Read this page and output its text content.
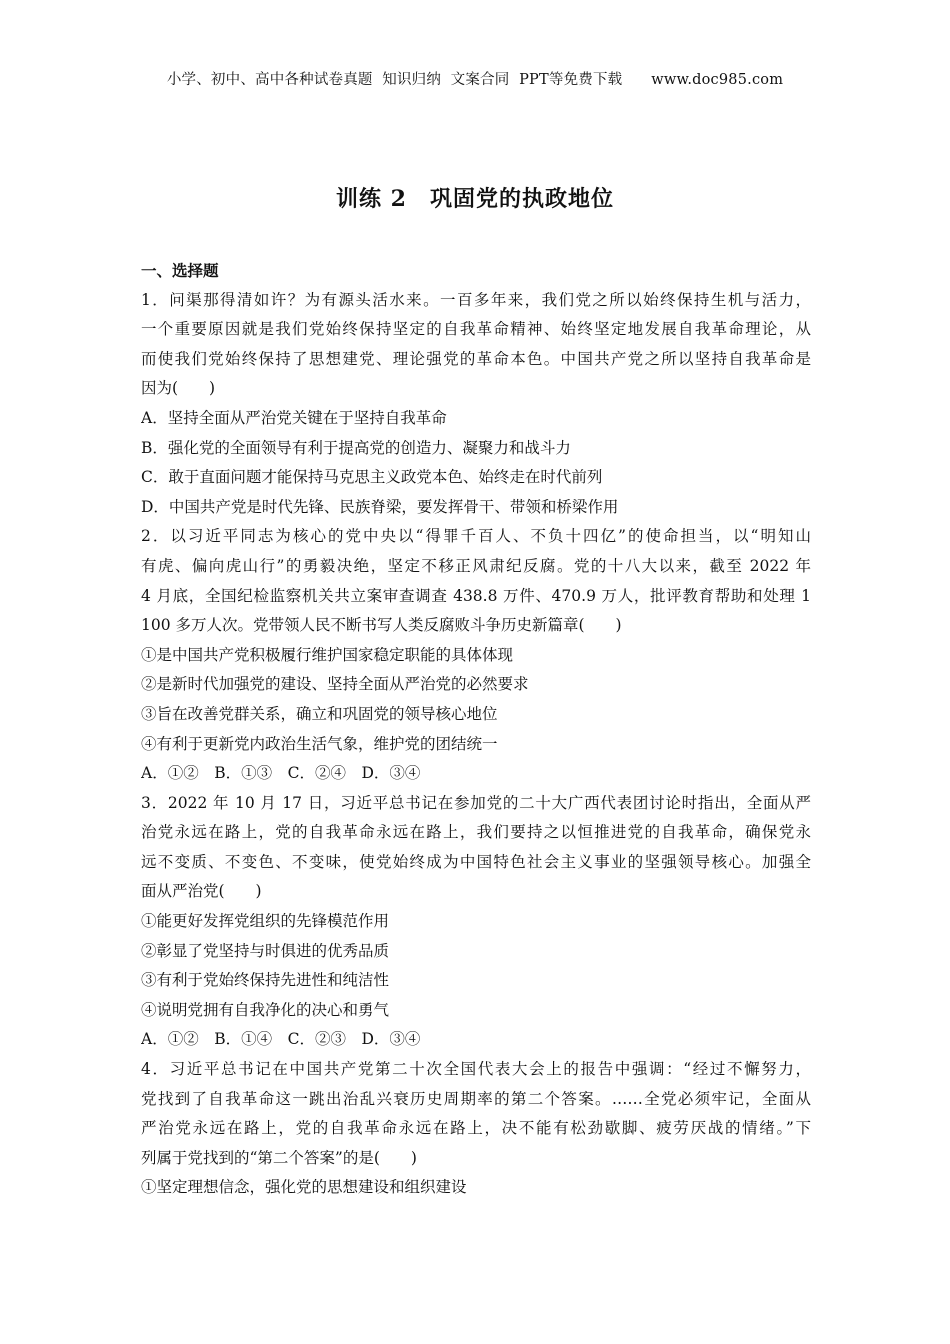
小学、初中、高中各种试卷真题  知识归纳  文案合同  PPT等免费下载      www.doc985.com
训练 2　巩固党的执政地位
一、选择题
1．问渠那得清如许？为有源头活水来。一百多年来，我们党之所以始终保持生机与活力，
一个重要原因就是我们党始终保持坚定的自我革命精神、始终坚定地发展自我革命理论，从
而使我们党始终保持了思想建党、理论强党的革命本色。中国共产党之所以坚持自我革命是
因为(　　)
A．坚持全面从严治党关键在于坚持自我革命
B．强化党的全面领导有利于提高党的创造力、凝聚力和战斗力
C．敢于直面问题才能保持马克思主义政党本色、始终走在时代前列
D．中国共产党是时代先锋、民族脊梁，要发挥骨干、带领和桥梁作用
2．以习近平同志为核心的党中央以“得罪千百人、不负十四亿”的使命担当，以“明知山
有虎、偏向虎山行”的勇毅决绝，坚定不移正风肃纪反腐。党的十八大以来，截至 2022 年
4 月底，全国纪检监察机关共立案审查调查 438.8 万件、470.9 万人，批评教育帮助和处理 1
100 多万人次。党带领人民不断书写人类反腐败斗争历史新篇章(　　)
①是中国共产党积极履行维护国家稳定职能的具体体现
②是新时代加强党的建设、坚持全面从严治党的必然要求
③旨在改善党群关系，确立和巩固党的领导核心地位
④有利于更新党内政治生活气象，维护党的团结统一
A．①②　B．①③　C．②④　D．③④
3．2022 年 10 月 17 日，习近平总书记在参加党的二十大广西代表团讨论时指出，全面从严
治党永远在路上，党的自我革命永远在路上，我们要持之以恒推进党的自我革命，确保党永
远不变质、不变色、不变味，使党始终成为中国特色社会主义事业的坚强领导核心。加强全
面从严治党(　　)
①能更好发挥党组织的先锋模范作用
②彰显了党坚持与时俱进的优秀品质
③有利于党始终保持先进性和纯洁性
④说明党拥有自我净化的决心和勇气
A．①②　B．①④　C．②③　D．③④
4．习近平总书记在中国共产党第二十次全国代表大会上的报告中强调：“经过不懈努力，
党找到了自我革命这一跳出治乱兴衰历史周期率的第二个答案。……全党必须牢记，全面从
严治党永远在路上，党的自我革命永远在路上，决不能有松劲歇脚、疲劳厌战的情绪。”下
列属于党找到的“第二个答案”的是(　　)
①坚定理想信念，强化党的思想建设和组织建设
